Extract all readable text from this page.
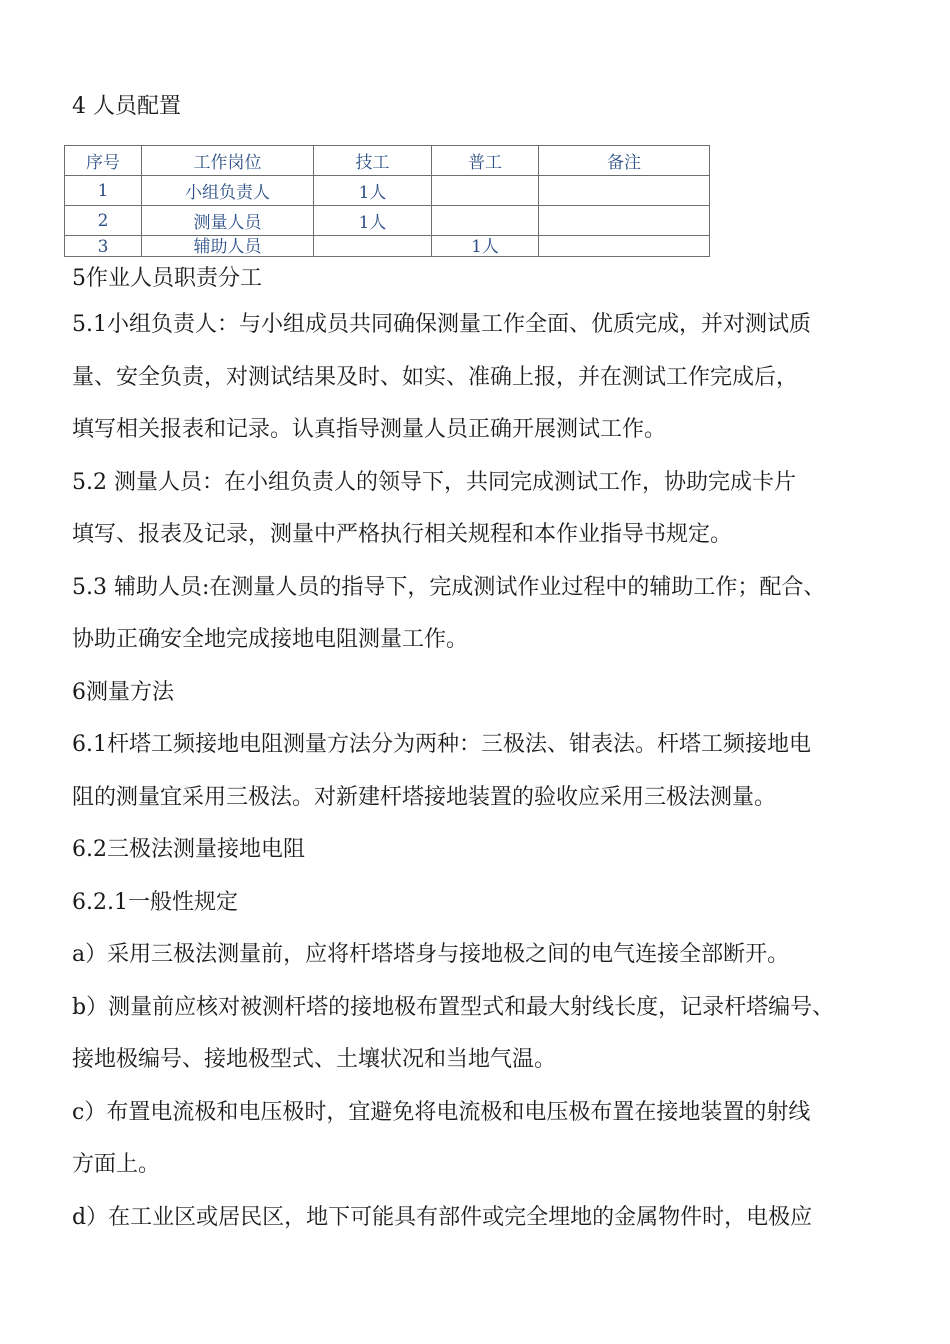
4 人员配置
序号	工作岗位	技工	普工	备注
1	小组负责人	1人		
2	测量人员	1人		
3	辅助人员		1人	

5作业人员职责分工

5.1小组负责人：与小组成员共同确保测量工作全面、优质完成，并对测试质

量、安全负责，对测试结果及时、如实、准确上报，并在测试工作完成后，

填写相关报表和记录。认真指导测量人员正确开展测试工作。

5.2 测量人员：在小组负责人的领导下，共同完成测试工作，协助完成卡片

填写、报表及记录，测量中严格执行相关规程和本作业指导书规定。

5.3 辅助人员:在测量人员的指导下，完成测试作业过程中的辅助工作；配合、

协助正确安全地完成接地电阻测量工作。

6测量方法

6.1杆塔工频接地电阻测量方法分为两种：三极法、钳表法。杆塔工频接地电

阻的测量宜采用三极法。对新建杆塔接地装置的验收应采用三极法测量。

6.2三极法测量接地电阻

6.2.1一般性规定

a）采用三极法测量前，应将杆塔塔身与接地极之间的电气连接全部断开。

b）测量前应核对被测杆塔的接地极布置型式和最大射线长度，记录杆塔编号、

接地极编号、接地极型式、土壤状况和当地气温。

c）布置电流极和电压极时，宜避免将电流极和电压极布置在接地装置的射线

方面上。

d）在工业区或居民区，地下可能具有部件或完全埋地的金属物件时，电极应
